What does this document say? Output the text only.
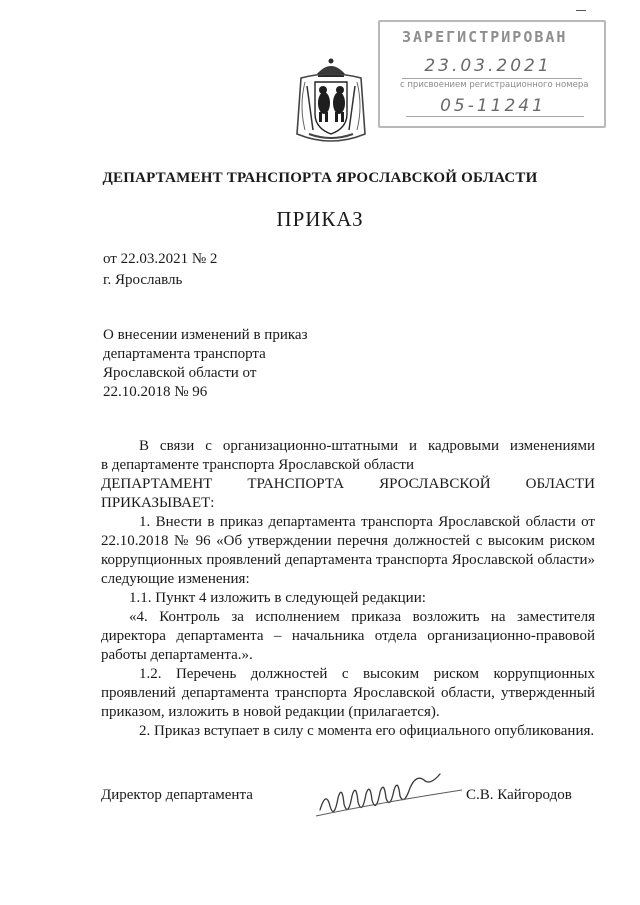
ЗАРЕГИСТРИРОВАН
23.03.2021
с присвоением регистрационного номера
05-11241
ДЕПАРТАМЕНТ ТРАНСПОРТА ЯРОСЛАВСКОЙ ОБЛАСТИ
ПРИКАЗ
от 22.03.2021 № 2
г. Ярославль
О внесении изменений в приказ
департамента транспорта
Ярославской области от
22.10.2018 № 96

В связи с организационно-штатными и кадровыми изменениями

в департаменте транспорта Ярославской области

ДЕПАРТАМЕНТ ТРАНСПОРТА ЯРОСЛАВСКОЙ ОБЛАСТИ

ПРИКАЗЫВАЕТ:

1. Внести в приказ департамента транспорта Ярославской области от 22.10.2018 № 96 «Об утверждении перечня должностей с высоким риском коррупционных проявлений департамента транспорта Ярославской области» следующие изменения:

1.1. Пункт 4 изложить в следующей редакции:

«4. Контроль за исполнением приказа возложить на заместителя директора департамента – начальника отдела организационно-правовой работы департамента.».

1.2. Перечень должностей с высоким риском коррупционных проявлений департамента транспорта Ярославской области, утвержденный приказом, изложить в новой редакции (прилагается).

2. Приказ вступает в силу с момента его официального опубликования.

Директор департамента	С.В. Кайгородов
